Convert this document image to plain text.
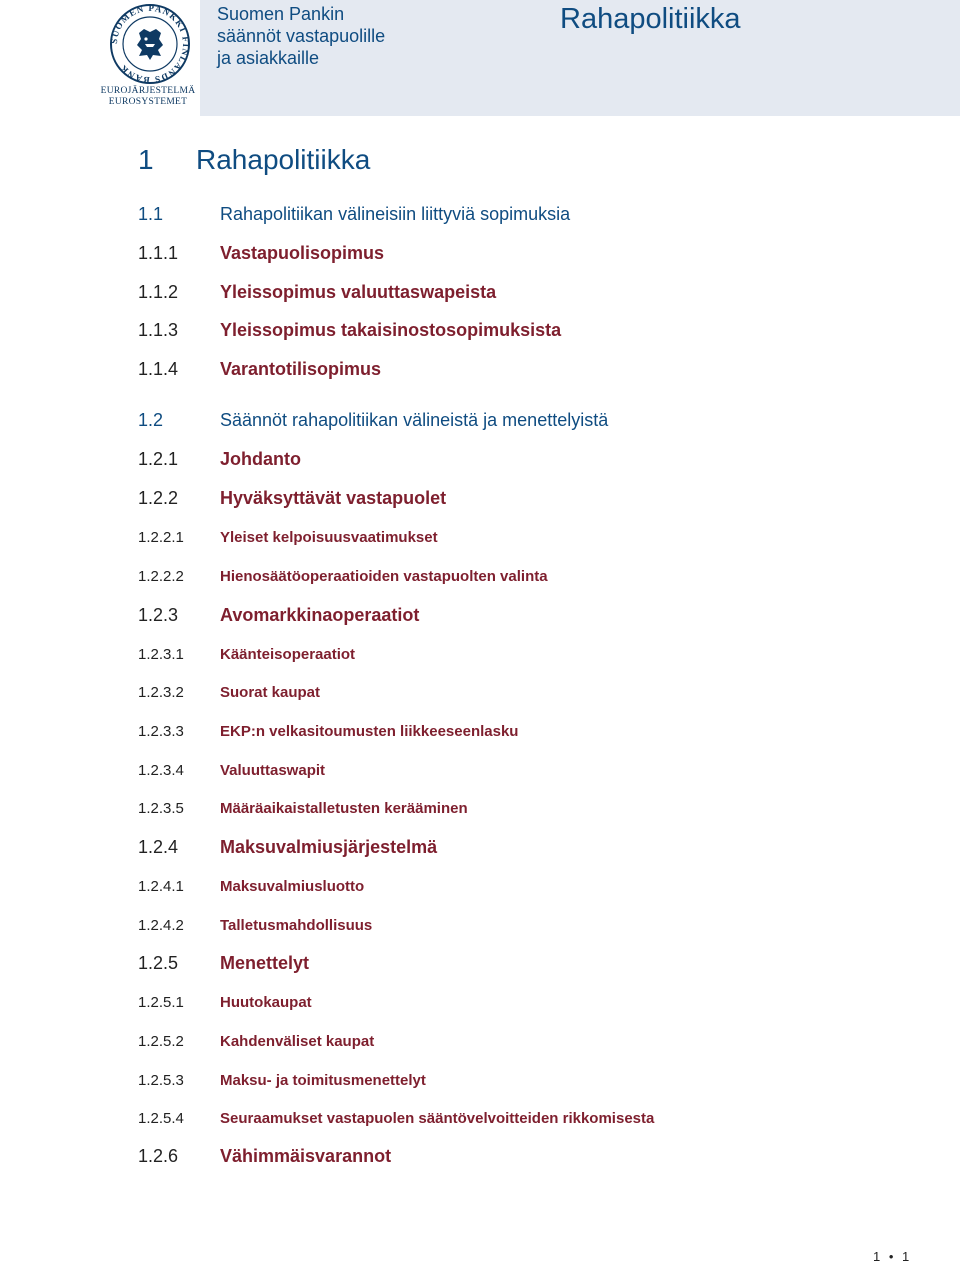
SUOMEN PANKKI FINLANDS BANK
EUROJÄRJESTELMÄ
EUROSYSTEMET
Suomen Pankin
säännöt vastapuolille
ja asiakkaille
Rahapolitiikka
1 Rahapolitiikka
1.1	Rahapolitiikan välineisiin liittyviä sopimuksia
1.1.1 Vastapuolisopimus
1.1.2 Yleissopimus valuuttaswapeista
1.1.3 Yleissopimus takaisinostosopimuksista
1.1.4 Varantotilisopimus
1.2	Säännöt rahapolitiikan välineistä ja menettelyistä
1.2.1 Johdanto
1.2.2 Hyväksyttävät vastapuolet
1.2.2.1 Yleiset kelpoisuusvaatimukset
1.2.2.2 Hienosäätöoperaatioiden vastapuolten valinta
1.2.3 Avomarkkinaoperaatiot
1.2.3.1 Käänteisoperaatiot
1.2.3.2 Suorat kaupat
1.2.3.3 EKP:n velkasitoumusten liikkeeseenlasku
1.2.3.4 Valuuttaswapit
1.2.3.5 Määräaikaistalletusten kerääminen
1.2.4 Maksuvalmiusjärjestelmä
1.2.4.1 Maksuvalmiusluotto
1.2.4.2 Talletusmahdollisuus
1.2.5 Menettelyt
1.2.5.1 Huutokaupat
1.2.5.2 Kahdenväliset kaupat
1.2.5.3 Maksu- ja toimitusmenettelyt
1.2.5.4 Seuraamukset vastapuolen sääntövelvoitteiden rikkomisesta
1.2.6 Vähimmäisvarannot
1 • 1
